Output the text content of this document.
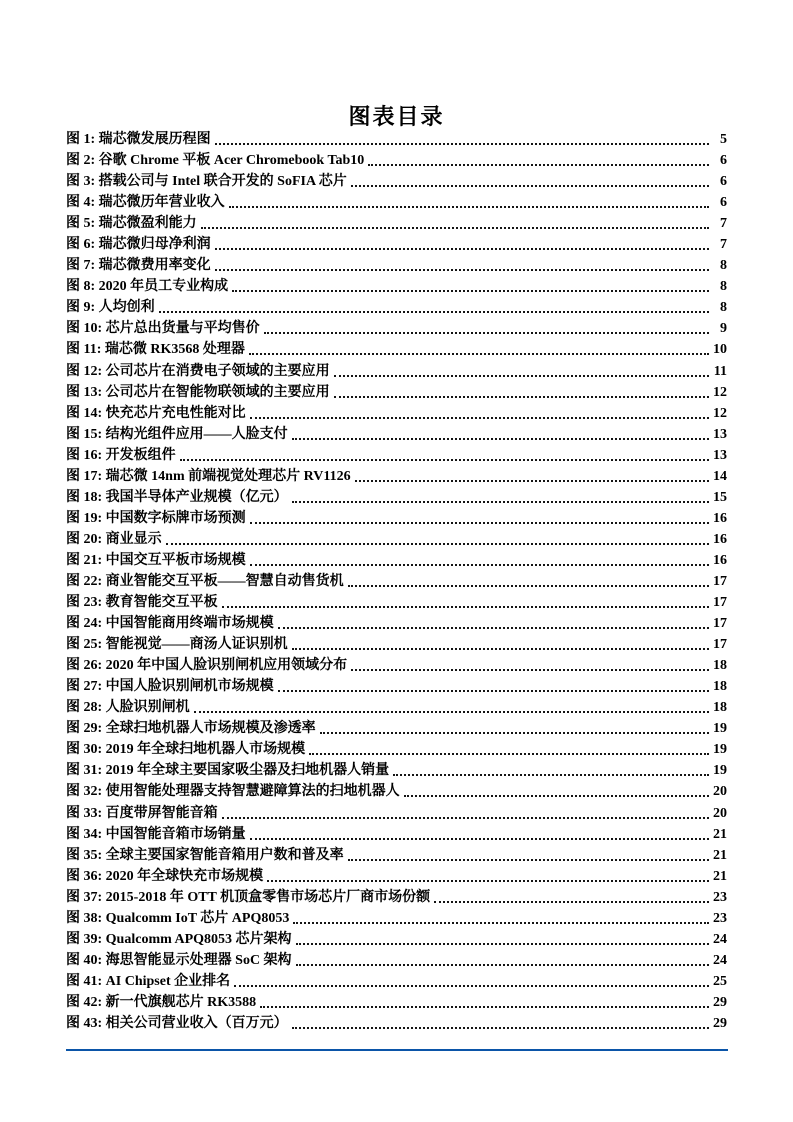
图表目录
图 1: 瑞芯微发展历程图	5
图 2: 谷歌 Chrome 平板 Acer Chromebook Tab10	6
图 3: 搭载公司与 Intel 联合开发的 SoFIA 芯片	6
图 4: 瑞芯微历年营业收入	6
图 5: 瑞芯微盈利能力	7
图 6: 瑞芯微归母净利润	7
图 7: 瑞芯微费用率变化	8
图 8: 2020 年员工专业构成	8
图 9: 人均创利	8
图 10: 芯片总出货量与平均售价	9
图 11: 瑞芯微 RK3568 处理器	10
图 12: 公司芯片在消费电子领域的主要应用	11
图 13: 公司芯片在智能物联领域的主要应用	12
图 14: 快充芯片充电性能对比	12
图 15: 结构光组件应用——人脸支付	13
图 16: 开发板组件	13
图 17: 瑞芯微 14nm 前端视觉处理芯片 RV1126	14
图 18: 我国半导体产业规模（亿元）	15
图 19: 中国数字标牌市场预测	16
图 20: 商业显示	16
图 21: 中国交互平板市场规模	16
图 22: 商业智能交互平板——智慧自动售货机	17
图 23: 教育智能交互平板	17
图 24: 中国智能商用终端市场规模	17
图 25: 智能视觉——商汤人证识别机	17
图 26: 2020 年中国人脸识别闸机应用领域分布	18
图 27: 中国人脸识别闸机市场规模	18
图 28: 人脸识别闸机	18
图 29: 全球扫地机器人市场规模及渗透率	19
图 30: 2019 年全球扫地机器人市场规模	19
图 31: 2019 年全球主要国家吸尘器及扫地机器人销量	19
图 32: 使用智能处理器支持智慧避障算法的扫地机器人	20
图 33: 百度带屏智能音箱	20
图 34: 中国智能音箱市场销量	21
图 35: 全球主要国家智能音箱用户数和普及率	21
图 36: 2020 年全球快充市场规模	21
图 37: 2015-2018 年 OTT 机顶盒零售市场芯片厂商市场份额	23
图 38: Qualcomm IoT 芯片 APQ8053	23
图 39: Qualcomm APQ8053 芯片架构	24
图 40: 海思智能显示处理器 SoC 架构	24
图 41: AI Chipset 企业排名	25
图 42: 新一代旗舰芯片 RK3588	29
图 43: 相关公司营业收入（百万元）	29
